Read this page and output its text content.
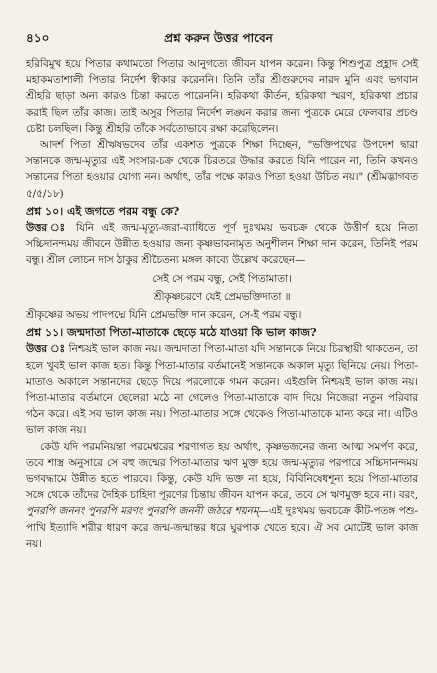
৪১০	প্রশ্ন করুন উত্তর পাবেন

হরিবিমুখ হয়ে পিতার কথামতো পিতার আনুগত্যে জীবন যাপন করেন। কিন্তু শিশুপুত্র প্রহ্লাদ সেই মহাকমতাশালী পিতার নির্দেশ স্বীকার করেননি। তিনি তাঁর শ্রীগুরুদেব নারদ মুনি এবং ভগবান শ্রীহরি ছাড়া অন্য কারও চিন্তা করতে পারেননি। হরিকথা কীর্তন, হরিকথা স্মরণ, হরিকথা প্রচার করাই ছিল তাঁর কাজ। তাই অসুর পিতার নির্দেশ লঙ্ঘন করার জন্য পুত্রকে মেরে ফেলবার প্রচণ্ড চেষ্টা চলছিল। কিন্তু শ্রীহরি তাঁকে সর্বতোভাবে রক্ষা করেছিলেন।

আদর্শ পিতা শ্রীঋষভদেব তাঁর একশত পুত্রকে শিক্ষা দিচ্ছেন, "ভক্তিপথের উপদেশ দ্বারা সন্তানকে জন্ম-মৃত্যুর এই সংসার-চক্র থেকে চিরতরে উদ্ধার করতে যিনি পারেন না, তিনি কখনও সন্তানের পিতা হওয়ার যোগ্য নন। অর্থাৎ, তাঁর পক্ষে কারও পিতা হওয়া উচিত নয়।" (শ্রীমদ্ভাগবত ৫/৫/১৮)

প্রশ্ন ১০। এই জগতে পরম বন্ধু কে?

উত্তর ঃ যিনি এই জন্ম-মৃত্যু-জরা-ব্যাধিতে পূর্ণ দুঃখময় ভবচক্র থেকে উত্তীর্ণ হয়ে নিত্য সচ্চিদানন্দময় জীবনে উন্নীত হওয়ার জন্য কৃষ্ণভাবনামৃত অনুশীলন শিক্ষা দান করেন, তিনিই পরম বন্ধু। শ্রীল লোচন দাস ঠাকুর শ্রীচৈতন্য মঙ্গল কাব্যে উল্লেখ করেছেন—

সেই সে পরম বন্ধু, সেই পিতামাতা।

শ্রীকৃষ্ণচরণে যেই প্রেমভক্তিদাতা ॥

শ্রীকৃষ্ণের অভয় পাদপদ্মে যিনি প্রেমভক্তি দান করেন, সে-ই পরম বন্ধু।

প্রশ্ন ১১। জন্মদাতা পিতা-মাতাকে ছেড়ে মঠে যাওয়া কি ভাল কাজ?

উত্তর ঃ নিশ্চয়ই ভাল কাজ নয়। জন্মদাতা পিতা-মাতা যদি সন্তানকে নিয়ে চিরস্থায়ী থাকতেন, তা হলে খুবই ভাল কাজ হত। কিন্তু পিতা-মাতার বর্তমানেই সন্তানকে অকাল মৃত্যু ছিনিয়ে নেয়। পিতা-মাতাও অকালে সন্তানদের ছেড়ে দিয়ে পরলোকে গমন করেন। এইগুলি নিশ্চয়ই ভাল কাজ নয়। পিতা-মাতার বর্তমানে ছেলেরা মঠে না গেলেও পিতা-মাতাকে বাদ দিয়ে নিজেরা নতুন পরিবার গঠন করে। এই সব ভাল কাজ নয়। পিতা-মাতার সঙ্গে থেকেও পিতা-মাতাকে মান্য করে না। এটিও ভাল কাজ নয়।

কেউ যদি পরমনিয়ন্তা পরমেশ্বরের শরণাগত হয় অর্থাৎ, কৃষ্ণভজনের জন্য আত্ম সমর্পণ করে, তবে শাস্ত্র অনুসারে সে বহু জন্মের পিতা-মাতার ঋণ মুক্ত হয়ে জন্ম-মৃত্যুর পরপারে সচ্চিদানন্দময় ভগবদ্ধামে উন্নীত হতে পারবে। কিন্তু, কেউ যদি ভক্ত না হয়ে, বিবিনিষেধশূন্য হয়ে পিতা-মাতার সঙ্গে থেকে তাঁদের দৈহিক চাহিদা পূরণের চিন্তায় জীবন যাপন করে, তবে সে ঋণমুক্ত হবে না। বরং, পুনরপি জননং পুনরপি মরণং পুনরপি জননী জঠরে শয়নম্—এই দুঃখময় ভবচক্রে কীট-পতঙ্গ পশু-পাখি ইত্যাদি শরীর ধারণ করে জন্ম-জন্মান্তর ধরে ঘুরপাক খেতে হবে। ঐ সব মোটেই ভাল কাজ নয়।
